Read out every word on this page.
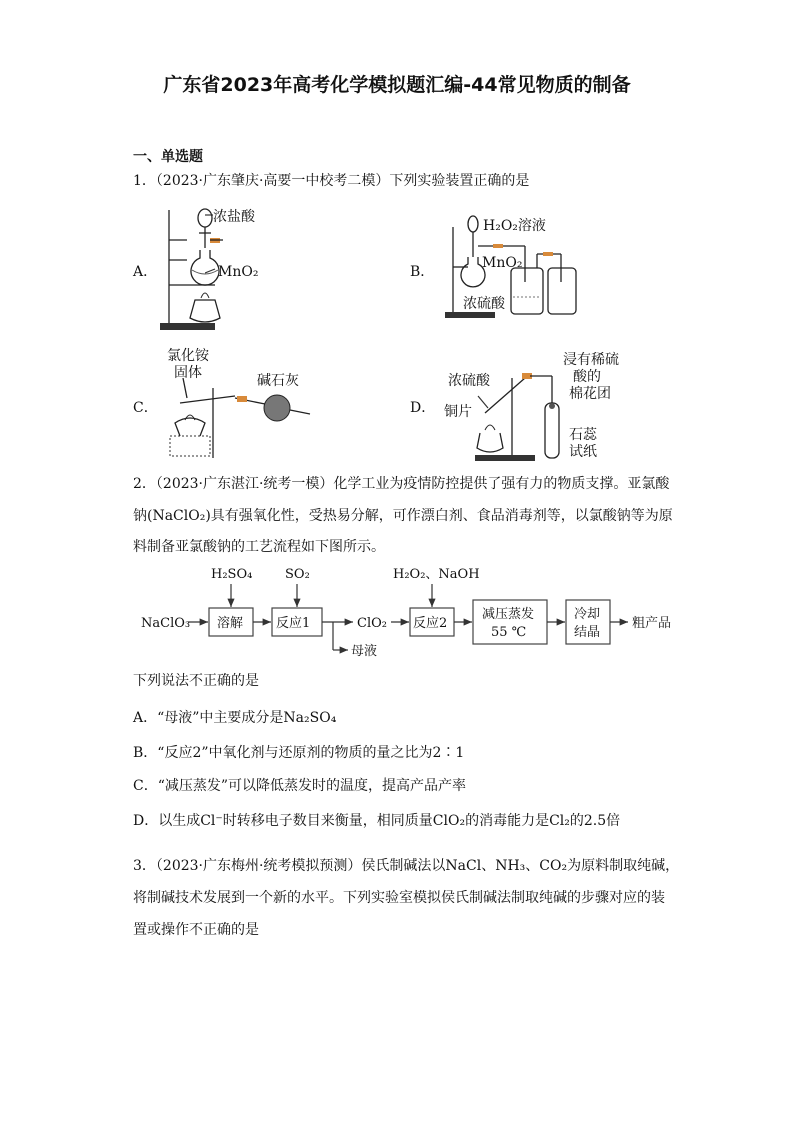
广东省2023年高考化学模拟题汇编-44常见物质的制备
一、单选题
1．（2023·广东肇庆·高要一中校考二模）下列实验装置正确的是
A．
浓盐酸
MnO₂	B．
H₂O₂溶液
MnO₂
浓硫酸
C．
氯化铵
固体	碱石灰
D．
浓硫酸
铜片
浸有稀硫
酸的
棉花团
石蕊
试纸
2．（2023·广东湛江·统考一模）化学工业为疫情防控提供了强有力的物质支撑。亚氯酸
钠(NaClO₂)具有强氧化性，受热易分解，可作漂白剂、食品消毒剂等，以氯酸钠等为原
料制备亚氯酸钠的工艺流程如下图所示。
NaClO₃ 溶解
H₂SO₄
反应1
SO₂
母液
ClO₂ 反应2
H₂O₂、NaOH
减压蒸发
55 ℃
冷却
结晶
粗产品
下列说法不正确的是
A．“母液”中主要成分是Na₂SO₄
B．“反应2”中氧化剂与还原剂的物质的量之比为2∶1
C．“减压蒸发”可以降低蒸发时的温度，提高产品产率
D．以生成Cl⁻时转移电子数目来衡量，相同质量ClO₂的消毒能力是Cl₂的2.5倍
3．（2023·广东梅州·统考模拟预测）侯氏制碱法以NaCl、NH₃、CO₂为原料制取纯碱，
将制碱技术发展到一个新的水平。下列实验室模拟侯氏制碱法制取纯碱的步骤对应的装
置或操作不正确的是
